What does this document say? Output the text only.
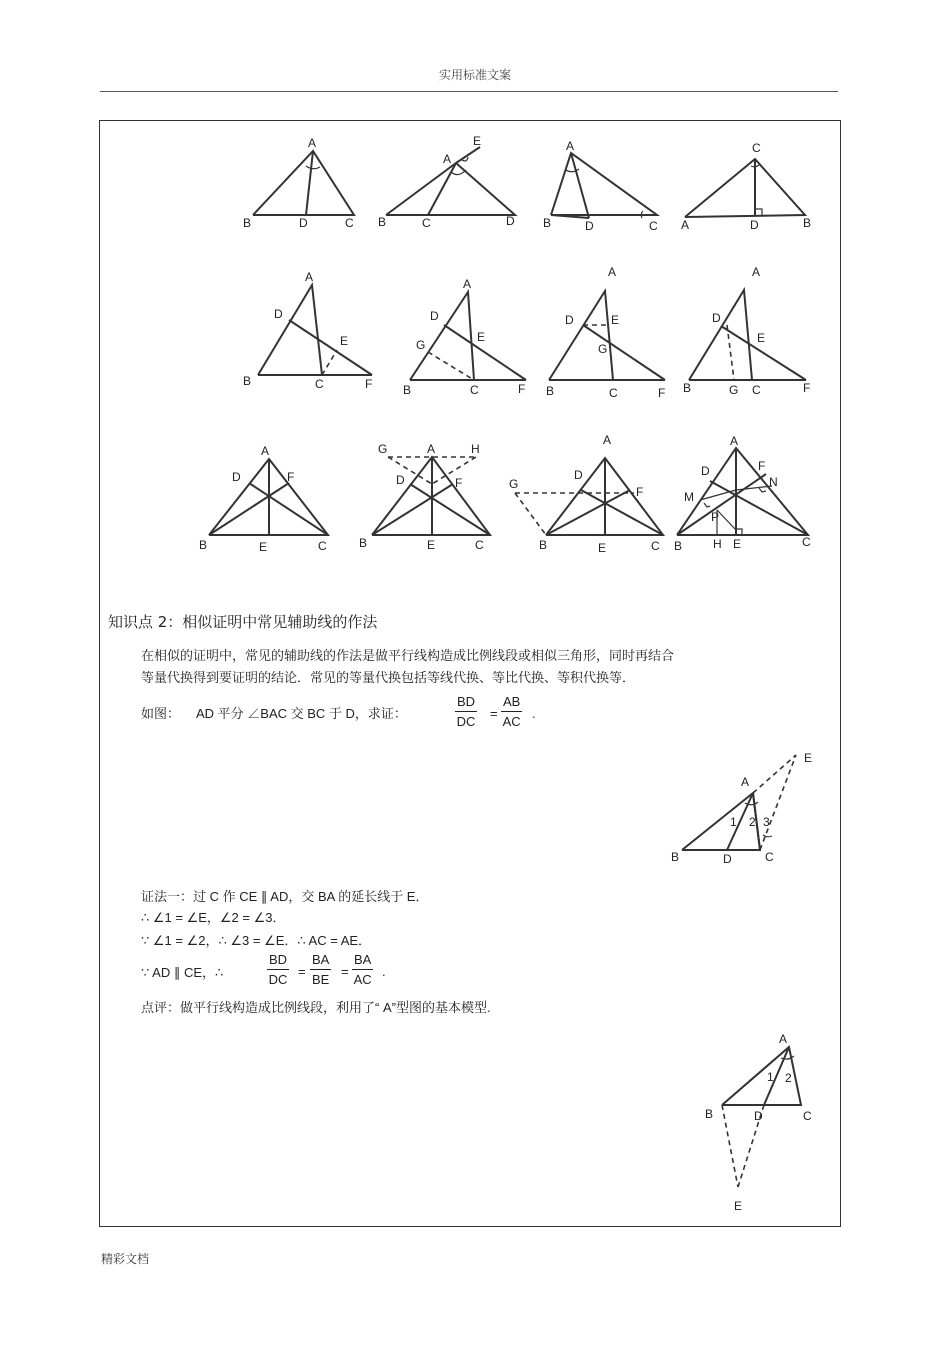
实用标准文案
A
B	D	C
E
A
B	C	D
A
B	D	C
C
A	D	B
A
D
E
B	C	F
A
D
E
G
B	C	F
A
D
G
E
B	C	F
A
D
E
B	G C	F
A
D	F
B	E	C
G	A	H
D	F
B	E	C
A
D
G
F
B	E	C
A
D	F
N
M
P
B	H E	C
知识点 2：相似证明中常见辅助线的作法
在相似的证明中，常见的辅助线的作法是做平行线构造成比例线段或相似三角形，同时再结合
等量代换得到要证明的结论．常见的等量代换包括等线代换、等比代换、等积代换等．
如图： AD 平分 ∠BAC 交 BC 于 D，求证：	$\frac{BD}{DC} = \frac{AB}{AC}$ .
E
A
1 2 3
B	D	C
证法一：过 C 作 CE ∥ AD，交 BA 的延长线于 E．
∴ ∠1 = ∠E，∠2 = ∠3．
∵ ∠1 = ∠2，∴ ∠3 = ∠E．∴ AC = AE．
∵ AD ∥ CE，∴	$\frac{BD}{DC} = \frac{BA}{BE} = \frac{BA}{AC}$ .
点评：做平行线构造成比例线段，利用了“ A”型图的基本模型.
A
1 2
B	D	C
E
精彩文档
